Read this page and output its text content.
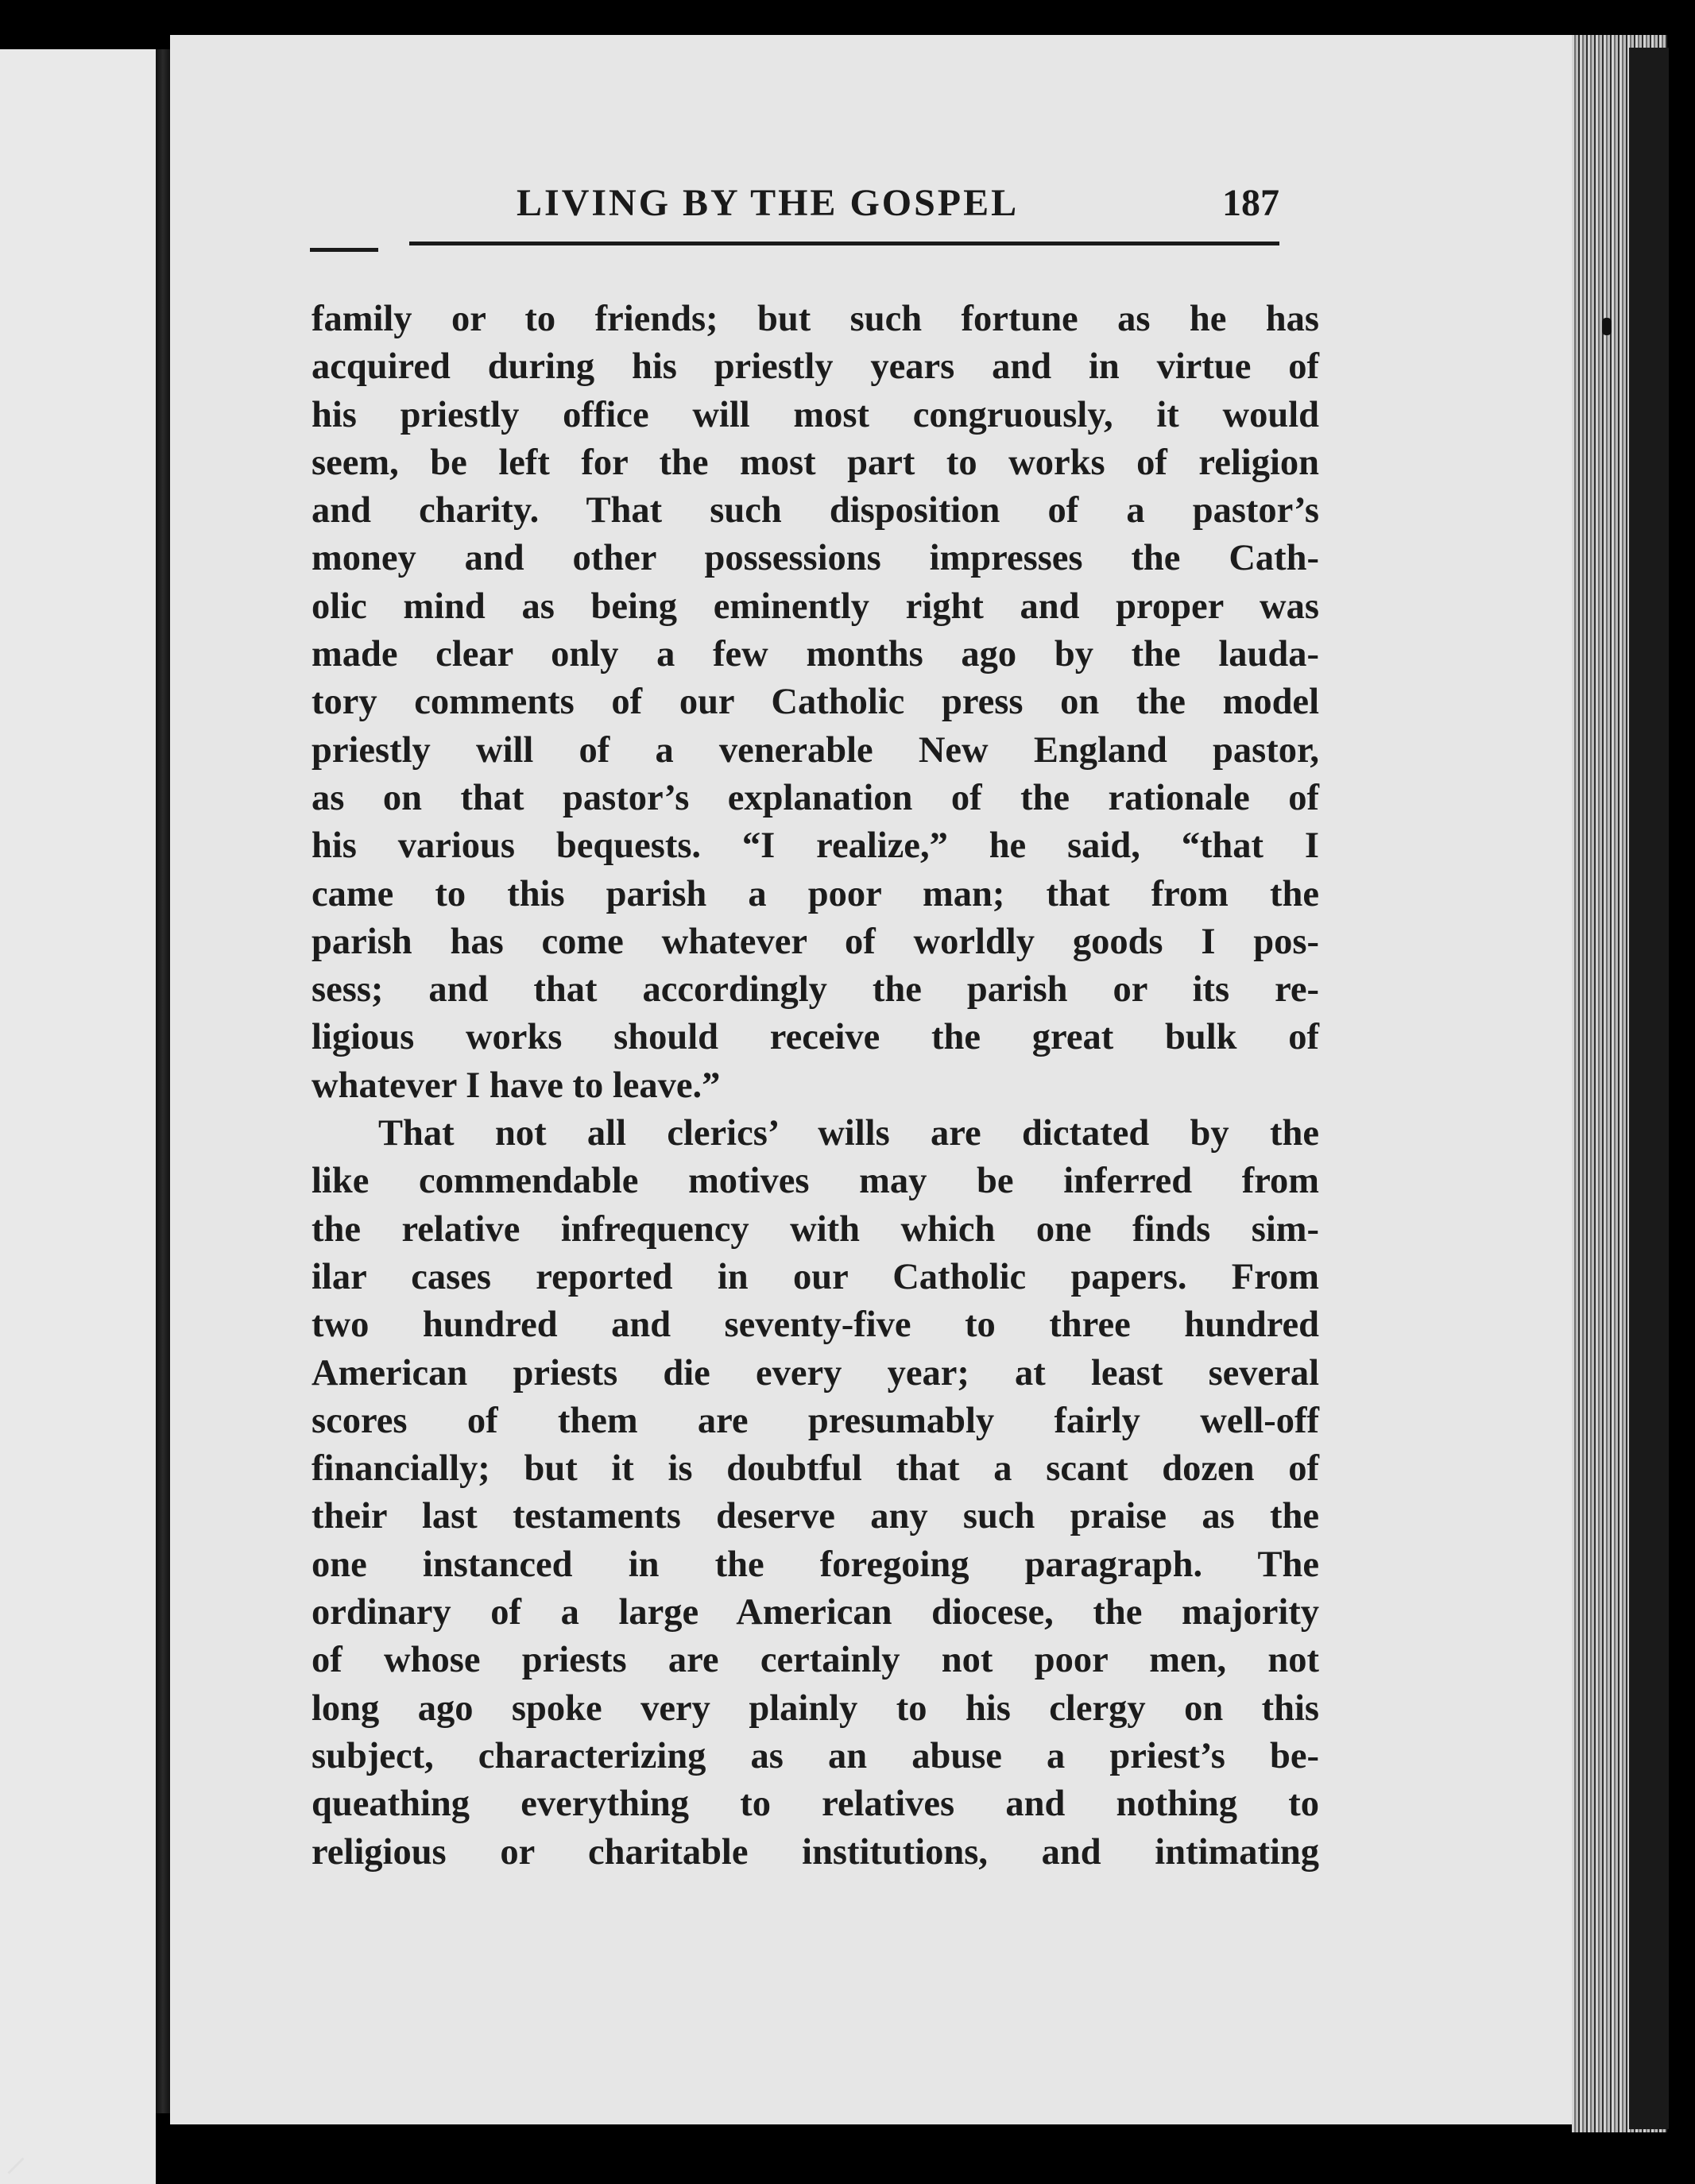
⸝

LIVING BY THE GOSPEL	187

family or to friends; but such fortune as he has
acquired during his priestly years and in virtue of
his priestly office will most congruously, it would
seem, be left for the most part to works of religion
and charity. That such disposition of a pastor’s
money and other possessions impresses the Cath-
olic mind as being eminently right and proper was
made clear only a few months ago by the lauda-
tory comments of our Catholic press on the model
priestly will of a venerable New England pastor,
as on that pastor’s explanation of the rationale of
his various bequests. “I realize,” he said, “that I
came to this parish a poor man; that from the
parish has come whatever of worldly goods I pos-
sess; and that accordingly the parish or its re-
ligious works should receive the great bulk of
whatever I have to leave.”
That not all clerics’ wills are dictated by the
like commendable motives may be inferred from
the relative infrequency with which one finds sim-
ilar cases reported in our Catholic papers. From
two hundred and seventy-five to three hundred
American priests die every year; at least several
scores of them are presumably fairly well-off
financially; but it is doubtful that a scant dozen of
their last testaments deserve any such praise as the
one instanced in the foregoing paragraph. The
ordinary of a large American diocese, the majority
of whose priests are certainly not poor men, not
long ago spoke very plainly to his clergy on this
subject, characterizing as an abuse a priest’s be-
queathing everything to relatives and nothing to
religious or charitable institutions, and intimating
